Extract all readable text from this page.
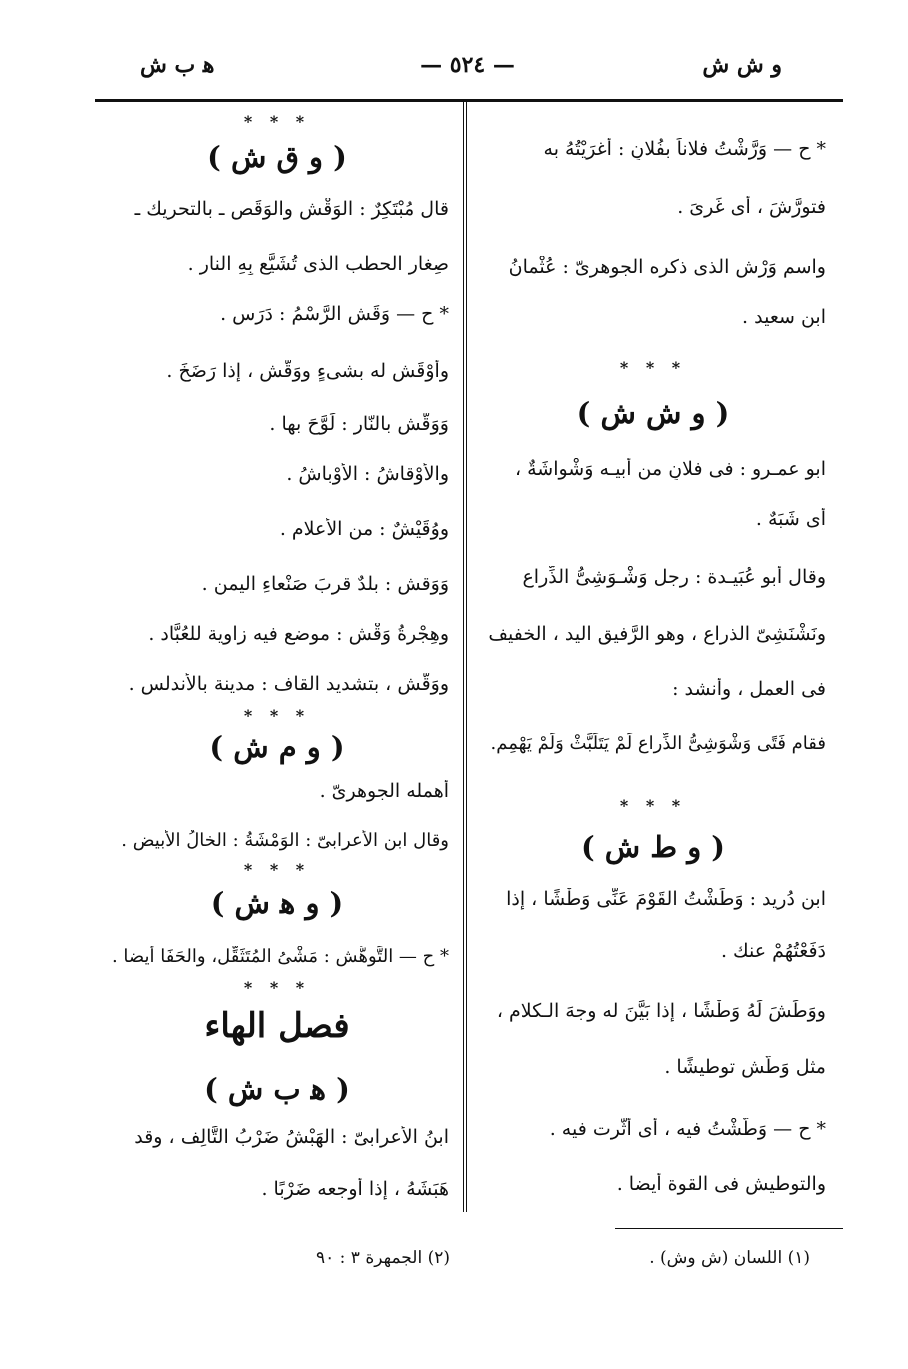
و ش ش
— ٥٢٤ —
ﻫ ب ش
* ح — وَرَّشْتُ فلاناً بفُلانٍ : أغرَيْتُهُ به
فتورَّشَ ، أى غَرِىَ .
واسم وَرْش الذى ذكره الجوهرىّ : عُثْمانُ
ابن سعيد .
* * *
( و ش ش )
ابو عمـرو : فى فلانٍ من أبيـه وَشْواشَةٌ ،
أى شَبَهٌ .
وقال أبو عُبَيـدة : رجل وَشْـوَشِىُّ الذِّراع
ونَشْنَشِىّ الذراع ، وهو الرَّفيق اليد ، الخفيف
فى العمل ، وأنشد :
فقام فَتًى وَشْوَشِىُّ الذِّراعِ لَمْ يَتَلَبَّثْ وَلَمْ يَهْمِمِ.
* * *
( و ط ش )
ابن دُريد : وَطَشْتُ القَوْمَ عَنِّى وَطْشًا ، إذا
دَفَعْتُهُمْ عنك .
ووَطَشَ لَهُ وَطْشًا ، إذا بَيَّنَ له وجهَ الـكلام ،
مثل وَطَّش توطيشًا .
* ح — وَطَّشْتُ فيه ، أى أثَّرت فيه .
والتوطيش فى القوة أيضا .
* * *
( و ق ش )
قال مُبْتَكِرٌ : الوَقْش والوَقَص ـ بالتحريك ـ
صِغار الحطب الذى تُشَيَّع بِهِ النار .
* ح — وَقَش الرَّسْمُ : دَرَس .
وأوْقَش له بشىءٍ ووَقَّش ، إذا رَضَخَ .
وَوَقَّش بالنّارِ : لَوَّحَ بها .
والأوْقاشُ : الأوْباشُ .
ووُقَيْشٌ : من الأعلام .
وَوَقش : بلدٌ قربَ صَنْعاءِ اليمن .
وهِجْرةُ وَقْش : موضع فيه زاوية للعُبَّاد .
ووَقَّش ، بتشديد القاف : مدينة بالأندلس .
* * *
( و م ش )
أهمله الجوهرىّ .
وقال ابن الأعرابىّ : الوَمْشَةُ : الخالُ الأبيض .
* * *
( و ﻫ ش )
* ح — التَّوهُّش : مَشْىُ المُتَثَقِّل، والحَفَا أيضا .
* * *
فصل الهاء
( ﻫ ب ش )
ابنُ الأعرابىّ : الهَبْشُ ضَرْبُ التَّالِف ، وقد
هَبَشَهُ ، إذا أوجعه ضَرْبًا .
(١) اللسان (ش وش) .
(٢) الجمهرة ٣ : ٩٠
